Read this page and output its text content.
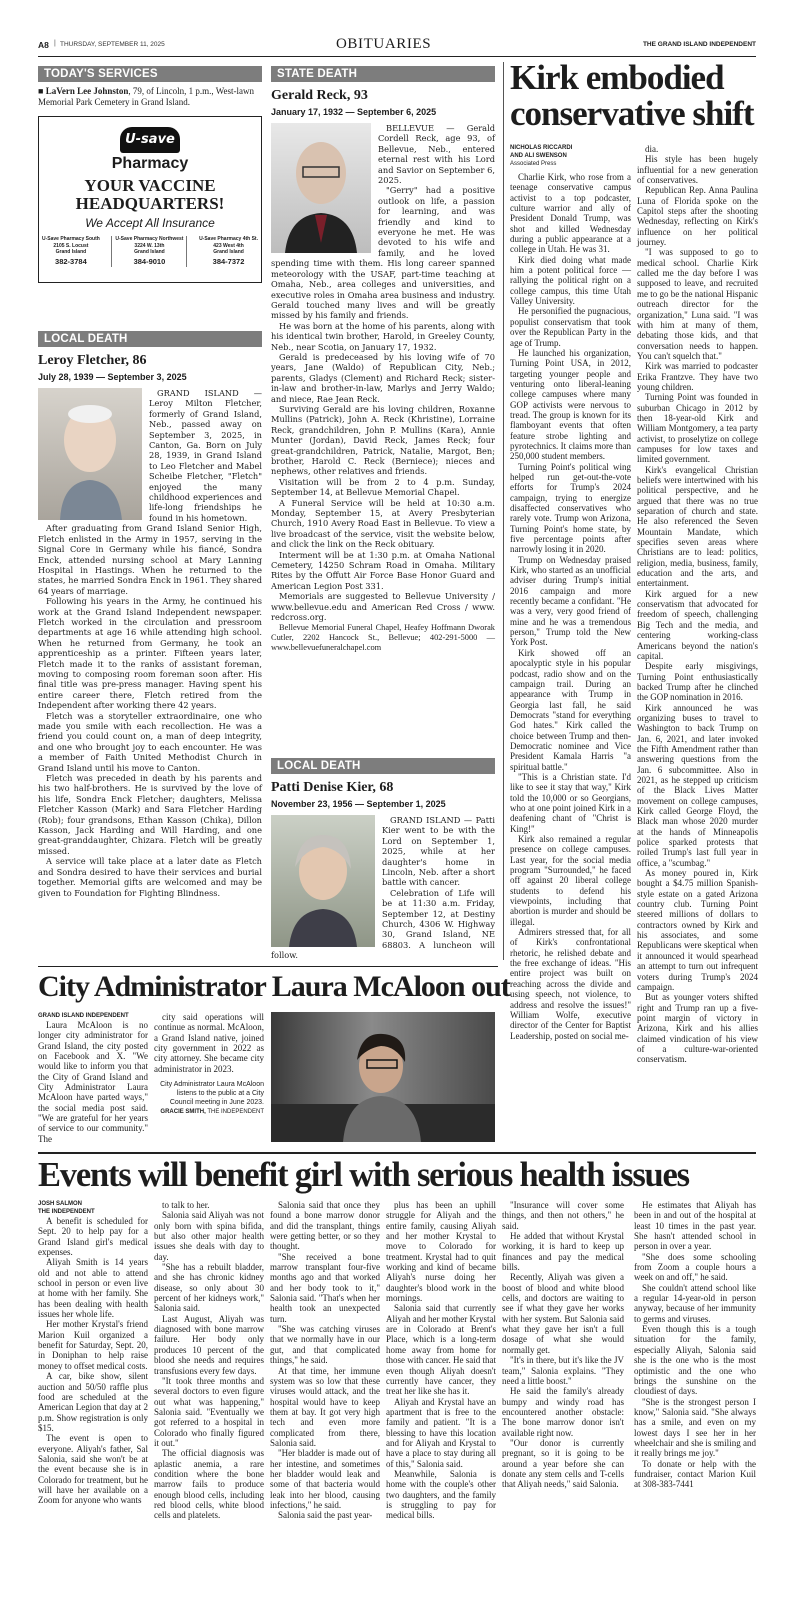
A8 | THURSDAY, SEPTEMBER 11, 2025	OBITUARIES	THE GRAND ISLAND INDEPENDENT
TODAY'S SERVICES
■ LaVern Lee Johnston, 79, of Lincoln, 1 p.m., West-lawn Memorial Park Cemetery in Grand Island.
U-save
Pharmacy
YOUR VACCINE
HEADQUARTERS!
We Accept All Insurance
U-Save Pharmacy South
2105 S. Locust
Grand Island
382-3784
U-Save Pharmacy Northwest
3224 W. 13th
Grand Island
384-9010
U-Save Pharmacy 4th St.
423 West 4th
Grand Island
384-7372
LOCAL DEATH
Leroy Fletcher, 86
July 28, 1939 — September 3, 2025

GRAND ISLAND — Leroy Milton Fletcher, formerly of Grand Island, Neb., passed away on September 3, 2025, in Canton, Ga. Born on July 28, 1939, in Grand Island to Leo Fletcher and Mabel Scheibe Fletcher, "Fletch" enjoyed the many childhood experiences and life-long friendships he found in his hometown.

After graduating from Grand Island Senior High, Fletch enlisted in the Army in 1957, serving in the Signal Core in Germany while his fiancé, Sondra Enck, attended nursing school at Mary Lanning Hospital in Hastings. When he returned to the states, he married Sondra Enck in 1961. They shared 64 years of marriage.

Following his years in the Army, he continued his work at the Grand Island Independent newspaper. Fletch worked in the circulation and pressroom departments at age 16 while attending high school. When he returned from Germany, he took an apprenticeship as a printer. Fifteen years later, Fletch made it to the ranks of assistant foreman, moving to composing room foreman soon after. His final title was pre-press manager. Having spent his entire career there, Fletch retired from the Independent after working there 42 years.

Fletch was a storyteller extraordinaire, one who made you smile with each recollection. He was a friend you could count on, a man of deep integrity, and one who brought joy to each encounter. He was a member of Faith United Methodist Church in Grand Island until his move to Canton.

Fletch was preceded in death by his parents and his two half-brothers. He is survived by the love of his life, Sondra Enck Fletcher; daughters, Melissa Fletcher Kasson (Mark) and Sara Fletcher Harding (Rob); four grandsons, Ethan Kasson (Chika), Dillon Kasson, Jack Harding and Will Harding, and one great-granddaughter, Chizara. Fletch will be greatly missed.

A service will take place at a later date as Fletch and Sondra desired to have their services and burial together. Memorial gifts are welcomed and may be given to Foundation for Fighting Blindness.

STATE DEATH
Gerald Reck, 93
January 17, 1932 — September 6, 2025

BELLEVUE — Gerald Cordell Reck, age 93, of Bellevue, Neb., entered eternal rest with his Lord and Savior on September 6, 2025.

"Gerry" had a positive outlook on life, a passion for learning, and was friendly and kind to everyone he met. He was devoted to his wife and family, and he loved spending time with them. His long career spanned meteorology with the USAF, part-time teaching at Omaha, Neb., area colleges and universities, and executive roles in Omaha area business and industry. Gerald touched many lives and will be greatly missed by his family and friends.

He was born at the home of his parents, along with his identical twin brother, Harold, in Greeley County, Neb., near Scotia, on January 17, 1932.

Gerald is predeceased by his loving wife of 70 years, Jane (Waldo) of Republican City, Neb.; parents, Gladys (Clement) and Richard Reck; sister-in-law and brother-in-law, Marlys and Jerry Waldo; and niece, Rae Jean Reck.

Surviving Gerald are his loving children, Roxanne Mullins (Patrick), John A. Reck (Khristine), Lorraine Reck, grandchildren, John P. Mullins (Kara), Annie Munter (Jordan), David Reck, James Reck; four great-grandchildren, Patrick, Natalie, Margot, Ben; brother, Harold C. Reck (Berniece); nieces and nephews, other relatives and friends.

Visitation will be from 2 to 4 p.m. Sunday, September 14, at Bellevue Memorial Chapel.

A Funeral Service will be held at 10:30 a.m. Monday, September 15, at Avery Presbyterian Church, 1910 Avery Road East in Bellevue. To view a live broadcast of the service, visit the website below, and click the link on the Reck obituary.

Interment will be at 1:30 p.m. at Omaha National Cemetery, 14250 Schram Road in Omaha. Military Rites by the Offutt Air Force Base Honor Guard and American Legion Post 331.

Memorials are suggested to Bellevue University / www.bellevue.edu and American Red Cross / www. redcross.org.

Bellevue Memorial Funeral Chapel, Heafey Hoffmann Dworak Cutler, 2202 Hancock St., Bellevue; 402-291-5000 — www.bellevuefuneralchapel.com

LOCAL DEATH
Patti Denise Kier, 68
November 23, 1956 — September 1, 2025

GRAND ISLAND — Patti Kier went to be with the Lord on September 1, 2025, while at her daughter's home in Lincoln, Neb. after a short battle with cancer.

Celebration of Life will be at 11:30 a.m. Friday, September 12, at Destiny Church, 4306 W. Highway 30, Grand Island, NE 68803. A luncheon will follow.

Kirk embodied
conservative shift
NICHOLAS RICCARDI
AND ALI SWENSON
Associated Press

Charlie Kirk, who rose from a teenage conservative campus activist to a top podcaster, culture warrior and ally of President Donald Trump, was shot and killed Wednesday during a public appearance at a college in Utah. He was 31.

Kirk died doing what made him a potent political force — rallying the political right on a college campus, this time Utah Valley University.

He personified the pugnacious, populist conservatism that took over the Republican Party in the age of Trump.

He launched his organization, Turning Point USA, in 2012, targeting younger people and venturing onto liberal-leaning college campuses where many GOP activists were nervous to tread. The group is known for its flamboyant events that often feature strobe lighting and pyrotechnics. It claims more than 250,000 student members.

Turning Point's political wing helped run get-out-the-vote efforts for Trump's 2024 campaign, trying to energize disaffected conservatives who rarely vote. Trump won Arizona, Turning Point's home state, by five percentage points after narrowly losing it in 2020.

Trump on Wednesday praised Kirk, who started as an unofficial adviser during Trump's initial 2016 campaign and more recently became a confidant. "He was a very, very good friend of mine and he was a tremendous person," Trump told the New York Post.

Kirk showed off an apocalyptic style in his popular podcast, radio show and on the campaign trail. During an appearance with Trump in Georgia last fall, he said Democrats "stand for everything God hates." Kirk called the choice between Trump and then-Democratic nominee and Vice President Kamala Harris "a spiritual battle."

"This is a Christian state. I'd like to see it stay that way," Kirk told the 10,000 or so Georgians, who at one point joined Kirk in a deafening chant of "Christ is King!"

Kirk also remained a regular presence on college campuses. Last year, for the social media program "Surrounded," he faced off against 20 liberal college students to defend his viewpoints, including that abortion is murder and should be illegal.

Admirers stressed that, for all of Kirk's confrontational rhetoric, he relished debate and the free exchange of ideas. "His entire project was built on reaching across the divide and using speech, not violence, to address and resolve the issues!" William Wolfe, executive director of the Center for Baptist Leadership, posted on social me-

dia.

His style has been hugely influential for a new generation of conservatives.

Republican Rep. Anna Paulina Luna of Florida spoke on the Capitol steps after the shooting Wednesday, reflecting on Kirk's influence on her political journey.

"I was supposed to go to medical school. Charlie Kirk called me the day before I was supposed to leave, and recruited me to go be the national Hispanic outreach director for the organization," Luna said. "I was with him at many of them, debating those kids, and that conversation needs to happen. You can't squelch that."

Kirk was married to podcaster Erika Frantzve. They have two young children.

Turning Point was founded in suburban Chicago in 2012 by then 18-year-old Kirk and William Montgomery, a tea party activist, to proselytize on college campuses for low taxes and limited government.

Kirk's evangelical Christian beliefs were intertwined with his political perspective, and he argued that there was no true separation of church and state. He also referenced the Seven Mountain Mandate, which specifies seven areas where Christians are to lead: politics, religion, media, business, family, education and the arts, and entertainment.

Kirk argued for a new conservatism that advocated for freedom of speech, challenging Big Tech and the media, and centering working-class Americans beyond the nation's capital.

Despite early misgivings, Turning Point enthusiastically backed Trump after he clinched the GOP nomination in 2016.

Kirk announced he was organizing buses to travel to Washington to back Trump on Jan. 6, 2021, and later invoked the Fifth Amendment rather than answering questions from the Jan. 6 subcommittee. Also in 2021, as he stepped up criticism of the Black Lives Matter movement on college campuses, Kirk called George Floyd, the Black man whose 2020 murder at the hands of Minneapolis police sparked protests that roiled Trump's last full year in office, a "scumbag."

As money poured in, Kirk bought a $4.75 million Spanish-style estate on a gated Arizona country club. Turning Point steered millions of dollars to contractors owned by Kirk and his associates, and some Republicans were skeptical when it announced it would spearhead an attempt to turn out infrequent voters during Trump's 2024 campaign.

But as younger voters shifted right and Trump ran up a five-point margin of victory in Arizona, Kirk and his allies claimed vindication of his view of a culture-war-oriented conservatism.

City Administrator Laura McAloon out
GRAND ISLAND INDEPENDENT

Laura McAloon is no longer city administrator for Grand Island, the city posted on Facebook and X. "We would like to inform you that the City of Grand Island and City Administrator Laura McAloon have parted ways," the social media post said. "We are grateful for her years of service to our community." The

city said operations will continue as normal. McAloon, a Grand Island native, joined city government in 2022 as city attorney. She became city administrator in 2023.

City Administrator Laura McAloon listens to the public at a City Council meeting in June 2023.
GRACIE SMITH, THE INDEPENDENT
Events will benefit girl with serious health issues
JOSH SALMON
THE INDEPENDENT

A benefit is scheduled for Sept. 20 to help pay for a Grand Island girl's medical expenses.

Aliyah Smith is 14 years old and not able to attend school in person or even live at home with her family. She has been dealing with health issues her whole life.

Her mother Krystal's friend Marion Kuil organized a benefit for Saturday, Sept. 20, in Doniphan to help raise money to offset medical costs.

A car, bike show, silent auction and 50/50 raffle plus food are scheduled at the American Legion that day at 2 p.m. Show registration is only $15.

The event is open to everyone. Aliyah's father, Sal Salonia, said she won't be at the event because she is in Colorado for treatment, but he will have her available on a Zoom for anyone who wants

to talk to her.

Salonia said Aliyah was not only born with spina bifida, but also other major health issues she deals with day to day.

"She has a rebuilt bladder, and she has chronic kidney disease, so only about 30 percent of her kidneys work," Salonia said.

Last August, Aliyah was diagnosed with bone marrow failure. Her body only produces 10 percent of the blood she needs and requires transfusions every few days.

"It took three months and several doctors to even figure out what was happening," Salonia said. "Eventually we got referred to a hospital in Colorado who finally figured it out."

The official diagnosis was aplastic anemia, a rare condition where the bone marrow fails to produce enough blood cells, including red blood cells, white blood cells and platelets.

Salonia said that once they found a bone marrow donor and did the transplant, things were getting better, or so they thought.

"She received a bone marrow transplant four-five months ago and that worked and her body took to it," Salonia said. "That's when her health took an unexpected turn.

"She was catching viruses that we normally have in our gut, and that complicated things," he said.

At that time, her immune system was so low that these viruses would attack, and the hospital would have to keep them at bay. It got very high tech and even more complicated from there, Salonia said.

"Her bladder is made out of her intestine, and sometimes her bladder would leak and some of that bacteria would leak into her blood, causing infections," he said.

Salonia said the past year-

plus has been an uphill struggle for Aliyah and the entire family, causing Aliyah and her mother Krystal to move to Colorado for treatment. Krystal had to quit working and kind of became Aliyah's nurse doing her daughter's blood work in the mornings.

Salonia said that currently Aliyah and her mother Krystal are in Colorado at Brent's Place, which is a long-term home away from home for those with cancer. He said that even though Aliyah doesn't currently have cancer, they treat her like she has it.

Aliyah and Krystal have an apartment that is free to the family and patient. "It is a blessing to have this location and for Aliyah and Krystal to have a place to stay during all of this," Salonia said.

Meanwhile, Salonia is home with the couple's other two daughters, and the family is struggling to pay for medical bills.

"Insurance will cover some things, and then not others," he said.

He added that without Krystal working, it is hard to keep up finances and pay the medical bills.

Recently, Aliyah was given a boost of blood and white blood cells, and doctors are waiting to see if what they gave her works with her system. But Salonia said what they gave her isn't a full dosage of what she would normally get.

"It's in there, but it's like the JV team," Salonia explains. "They need a little boost."

He said the family's already bumpy and windy road has encountered another obstacle: The bone marrow donor isn't available right now.

"Our donor is currently pregnant, so it is going to be around a year before she can donate any stem cells and T-cells that Aliyah needs," said Salonia.

He estimates that Aliyah has been in and out of the hospital at least 10 times in the past year. She hasn't attended school in person in over a year.

"She does some schooling from Zoom a couple hours a week on and off," he said.

She couldn't attend school like a regular 14-year-old in person anyway, because of her immunity to germs and viruses.

Even though this is a tough situation for the family, especially Aliyah, Salonia said she is the one who is the most optimistic and the one who brings the sunshine on the cloudiest of days.

"She is the strongest person I know," Salonia said. "She always has a smile, and even on my lowest days I see her in her wheelchair and she is smiling and it really brings me joy."

To donate or help with the fundraiser, contact Marion Kuil at 308-383-7441
